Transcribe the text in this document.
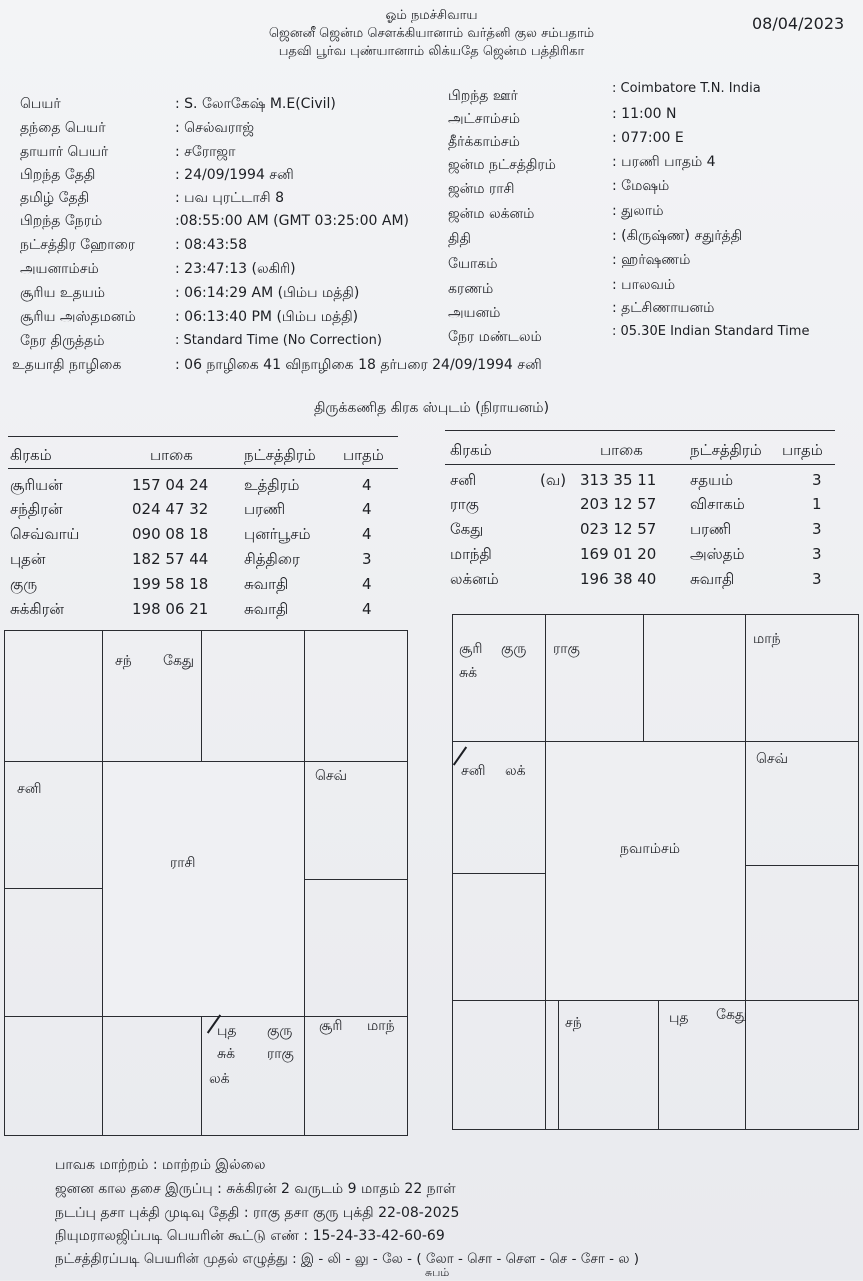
ஓம் நமச்சிவாய
ஜெனனீ ஜென்ம சௌக்கியானாம் வர்த்னி குல சம்பதாம்
பதவி பூர்வ புண்யானாம் லிக்யதே ஜென்ம பத்திரிகா
08/04/2023
பெயர்	: S. லோகேஷ் M.E(Civil)
தந்தை பெயர்	: செல்வராஜ்
தாயார் பெயர்	: சரோஜா
பிறந்த தேதி	: 24/09/1994 சனி
தமிழ் தேதி	: பவ புரட்டாசி 8
பிறந்த நேரம்	:08:55:00 AM (GMT 03:25:00 AM)
நட்சத்திர ஹோரை	: 08:43:58
அயனாம்சம்	: 23:47:13 (லகிரி)
சூரிய உதயம்	: 06:14:29 AM (பிம்ப மத்தி)
சூரிய அஸ்தமனம்	: 06:13:40 PM (பிம்ப மத்தி)
நேர திருத்தம்	: Standard Time (No Correction)
உதயாதி நாழிகை	: 06 நாழிகை 41 விநாழிகை 18 தர்பரை 24/09/1994 சனி
பிறந்த ஊர்	: Coimbatore T.N. India
அட்சாம்சம்	: 11:00 N
தீர்க்காம்சம்	: 077:00 E
ஜன்ம நட்சத்திரம்	: பரணி பாதம் 4
ஜன்ம ராசி	: மேஷம்
ஜன்ம லக்னம்	: துலாம்
திதி	: (கிருஷ்ண) சதுர்த்தி
யோகம்	: ஹர்ஷணம்
கரணம்	: பாலவம்
அயனம்	: தட்சிணாயனம்
நேர மண்டலம்	: 05.30E Indian Standard Time
திருக்கணித கிரக ஸ்புடம் (நிராயனம்)
கிரகம்	பாகை	நட்சத்திரம் பாதம்
சூரியன்	157 04 24 உத்திரம்	4
சந்திரன்	024 47 32 பரணி	4
செவ்வாய்	090 08 18 புனர்பூசம்	4
புதன்	182 57 44 சித்திரை	3
குரு	199 58 18 சுவாதி	4
சுக்கிரன்	198 06 21 சுவாதி	4
கிரகம்	பாகை	நட்சத்திரம் பாதம்
சனி	(வ) 313 35 11 சதயம்	3
ராகு	203 12 57 விசாகம்	1
கேது	023 12 57 பரணி	3
மாந்தி	169 01 20 அஸ்தம்	3
லக்னம்	196 38 40 சுவாதி	3
சந் கேது
சனி
செவ்
ராசி
புத குரு
சுக் ராகு
லக்
சூரி மாந்
சூரி குரு
சுக்
ராகு
மாந்
சனி லக்
செவ்
நவாம்சம்
சந்	புத கேது
பாவக மாற்றம் : மாற்றம் இல்லை
ஜனன கால தசை இருப்பு : சுக்கிரன் 2 வருடம் 9 மாதம் 22 நாள்
நடப்பு தசா புக்தி முடிவு தேதி : ராகு தசா குரு புக்தி 22-08-2025
நியுமராலஜிப்படி பெயரின் கூட்டு எண் : 15-24-33-42-60-69
நட்சத்திரப்படி பெயரின் முதல் எழுத்து : இ - லி - லு - லே - ( லோ - சொ - சௌ - செ - சோ - ல )
சுபம்
